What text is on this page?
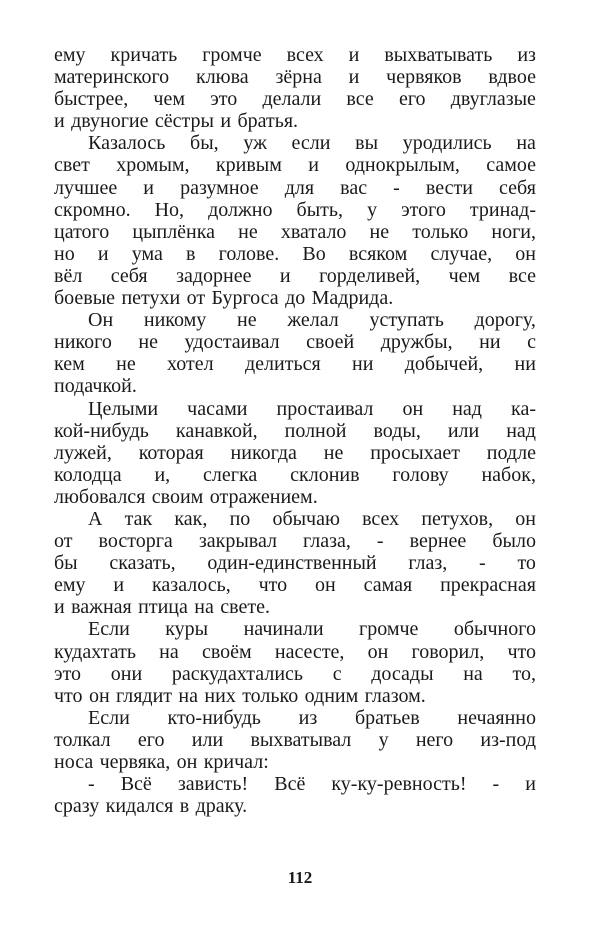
ему кричать громче всех и выхватывать из
материнского клюва зёрна и червяков вдвое
быстрее, чем это делали все его двуглазые
и двуногие сёстры и братья.
Казалось бы, уж если вы уродились на
свет хромым, кривым и однокрылым, самое
лучшее и разумное для вас - вести себя
скромно. Но, должно быть, у этого тринад-
цатого цыплёнка не хватало не только ноги,
но и ума в голове. Во всяком случае, он
вёл себя задорнее и горделивей, чем все
боевые петухи от Бургоса до Мадрида.
Он никому не желал уступать дорогу,
никого не удостаивал своей дружбы, ни с
кем не хотел делиться ни добычей, ни
подачкой.
Целыми часами простаивал он над ка-
кой-нибудь канавкой, полной воды, или над
лужей, которая никогда не просыхает подле
колодца и, слегка склонив голову набок,
любовался своим отражением.
А так как, по обычаю всех петухов, он
от восторга закрывал глаза, - вернее было
бы сказать, один-единственный глаз, - то
ему и казалось, что он самая прекрасная
и важная птица на свете.
Если куры начинали громче обычного
кудахтать на своём насесте, он говорил, что
это они раскудахтались с досады на то,
что он глядит на них только одним глазом.
Если кто-нибудь из братьев нечаянно
толкал его или выхватывал у него из-под
носа червяка, он кричал:
- Всё зависть! Всё ку-ку-ревность! - и
сразу кидался в драку.
112
